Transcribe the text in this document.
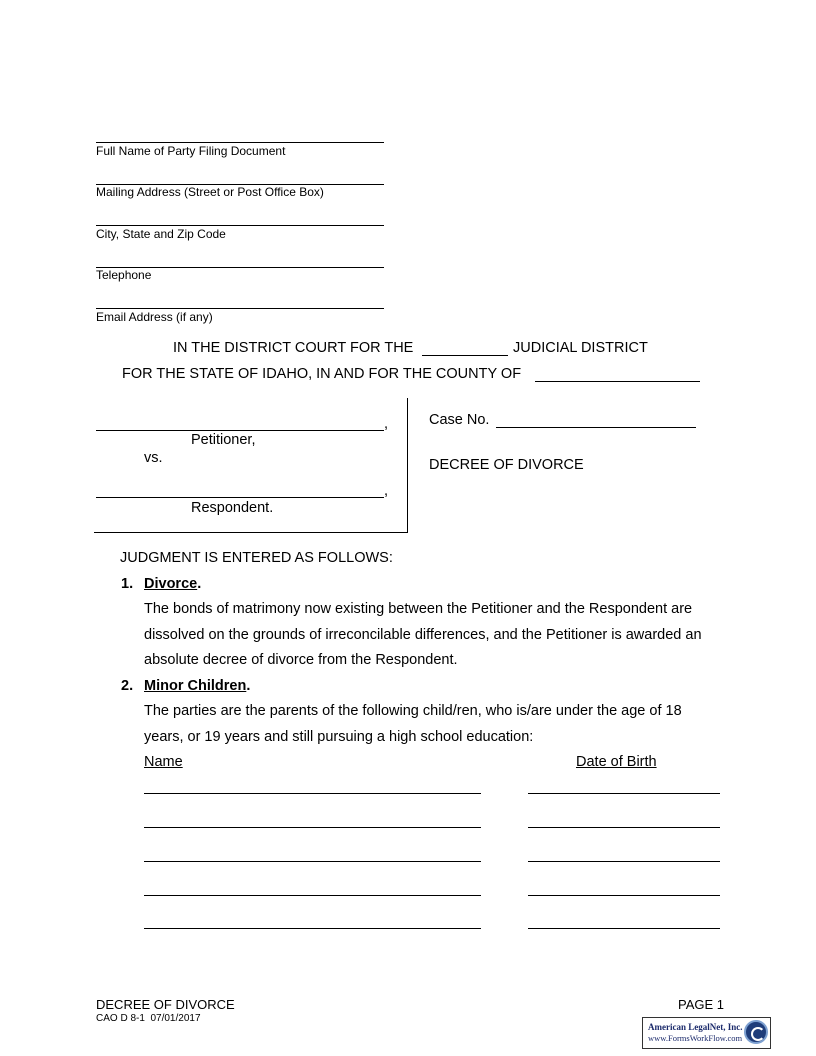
Full Name of Party Filing Document
Mailing Address (Street or Post Office Box)
City, State and Zip Code
Telephone
Email Address (if any)
IN THE DISTRICT COURT FOR THE	JUDICIAL DISTRICT
FOR THE STATE OF IDAHO, IN AND FOR THE COUNTY OF
,
Petitioner,
vs.
,
Respondent.
Case No.
DECREE OF DIVORCE
JUDGMENT IS ENTERED AS FOLLOWS:
1. Divorce.
The bonds of matrimony now existing between the Petitioner and the Respondent are
dissolved on the grounds of irreconcilable differences, and the Petitioner is awarded an
absolute decree of divorce from the Respondent.
2. Minor Children.
The parties are the parents of the following child/ren, who is/are under the age of 18
years, or 19 years and still pursuing a high school education:
Name	Date of Birth
DECREE OF DIVORCE
CAO D 8-1  07/01/2017
PAGE 1
American LegalNet, Inc.
www.FormsWorkFlow.com
